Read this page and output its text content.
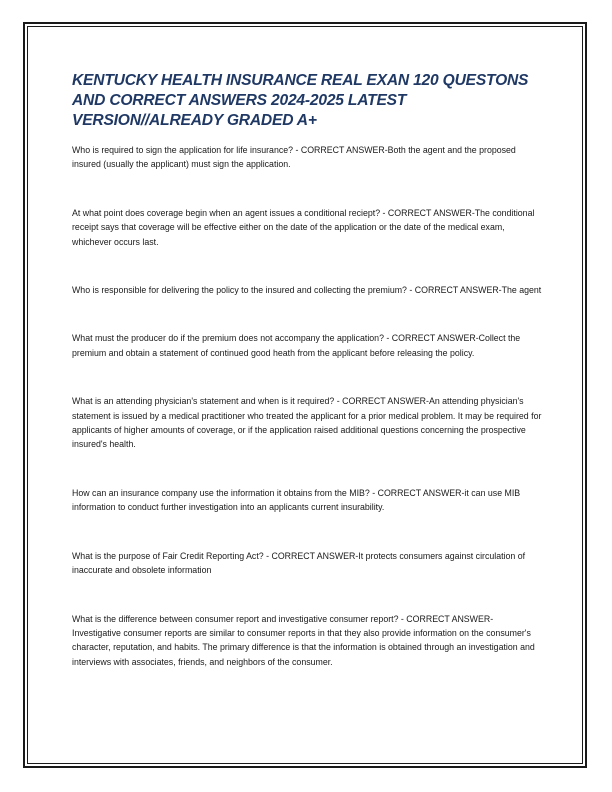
KENTUCKY HEALTH INSURANCE REAL EXAN 120 QUESTONS AND CORRECT ANSWERS 2024-2025 LATEST VERSION//ALREADY GRADED A+

Who is required to sign the application for life insurance? - CORRECT ANSWER-Both the agent and the proposed insured (usually the applicant) must sign the application.

At what point does coverage begin when an agent issues a conditional reciept? - CORRECT ANSWER-The conditional receipt says that coverage will be effective either on the date of the application or the date of the medical exam, whichever occurs last.

Who is responsible for delivering the policy to the insured and collecting the premium? - CORRECT ANSWER-The agent

What must the producer do if the premium does not accompany the application? - CORRECT ANSWER-Collect the premium and obtain a statement of continued good heath from the applicant before releasing the policy.

What is an attending physician's statement and when is it required? - CORRECT ANSWER-An attending physician's statement is issued by a medical practitioner who treated the applicant for a prior medical problem. It may be required for applicants of higher amounts of coverage, or if the application raised additional questions concerning the prospective insured's health.

How can an insurance company use the information it obtains from the MIB? - CORRECT ANSWER-it can use MIB information to conduct further investigation into an applicants current insurability.

What is the purpose of Fair Credit Reporting Act? - CORRECT ANSWER-It protects consumers against circulation of inaccurate and obsolete information

What is the difference between consumer report and investigative consumer report? - CORRECT ANSWER-Investigative consumer reports are similar to consumer reports in that they also provide information on the consumer's character, reputation, and habits. The primary difference is that the information is obtained through an investigation and interviews with associates, friends, and neighbors of the consumer.
